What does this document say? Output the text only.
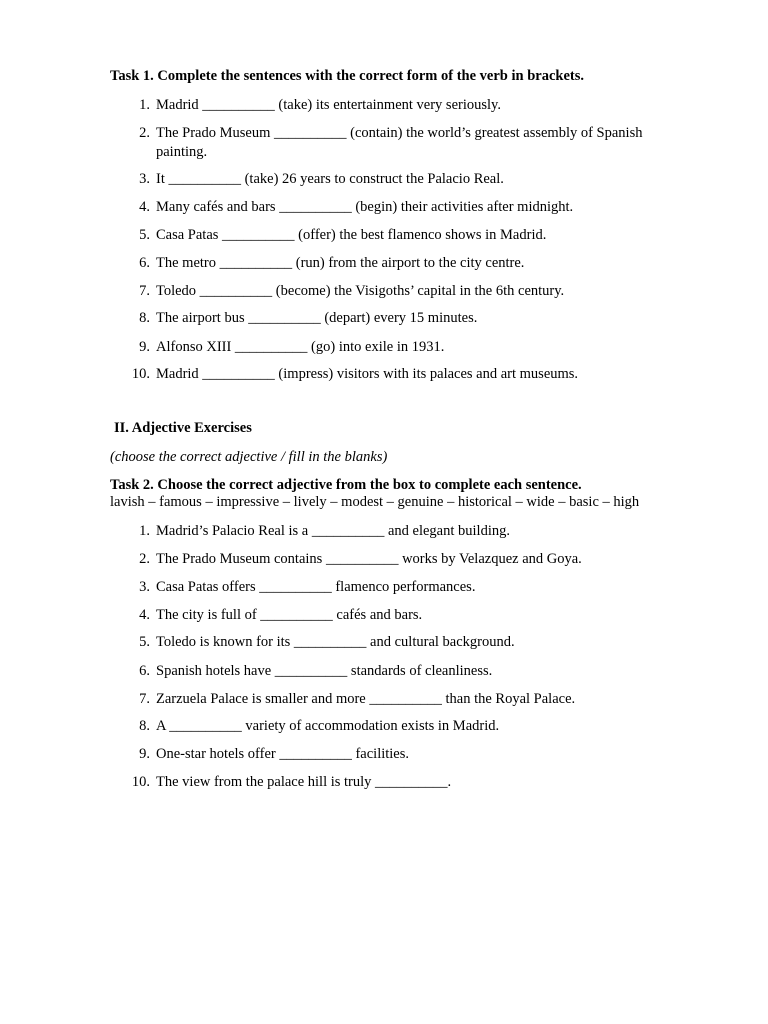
Task 1. Complete the sentences with the correct form of the verb in brackets.
1. Madrid __________ (take) its entertainment very seriously.
2. The Prado Museum __________ (contain) the world’s greatest assembly of Spanish painting.
3. It __________ (take) 26 years to construct the Palacio Real.
4. Many cafés and bars __________ (begin) their activities after midnight.
5. Casa Patas __________ (offer) the best flamenco shows in Madrid.
6. The metro __________ (run) from the airport to the city centre.
7. Toledo __________ (become) the Visigoths’ capital in the 6th century.
8. The airport bus __________ (depart) every 15 minutes.
9. Alfonso XIII __________ (go) into exile in 1931.
10. Madrid __________ (impress) visitors with its palaces and art museums.
II. Adjective Exercises
(choose the correct adjective / fill in the blanks)
Task 2. Choose the correct adjective from the box to complete each sentence.
lavish – famous – impressive – lively – modest – genuine – historical – wide – basic – high
1. Madrid’s Palacio Real is a __________ and elegant building.
2. The Prado Museum contains __________ works by Velazquez and Goya.
3. Casa Patas offers __________ flamenco performances.
4. The city is full of __________ cafés and bars.
5. Toledo is known for its __________ and cultural background.
6. Spanish hotels have __________ standards of cleanliness.
7. Zarzuela Palace is smaller and more __________ than the Royal Palace.
8. A __________ variety of accommodation exists in Madrid.
9. One-star hotels offer __________ facilities.
10. The view from the palace hill is truly __________.
